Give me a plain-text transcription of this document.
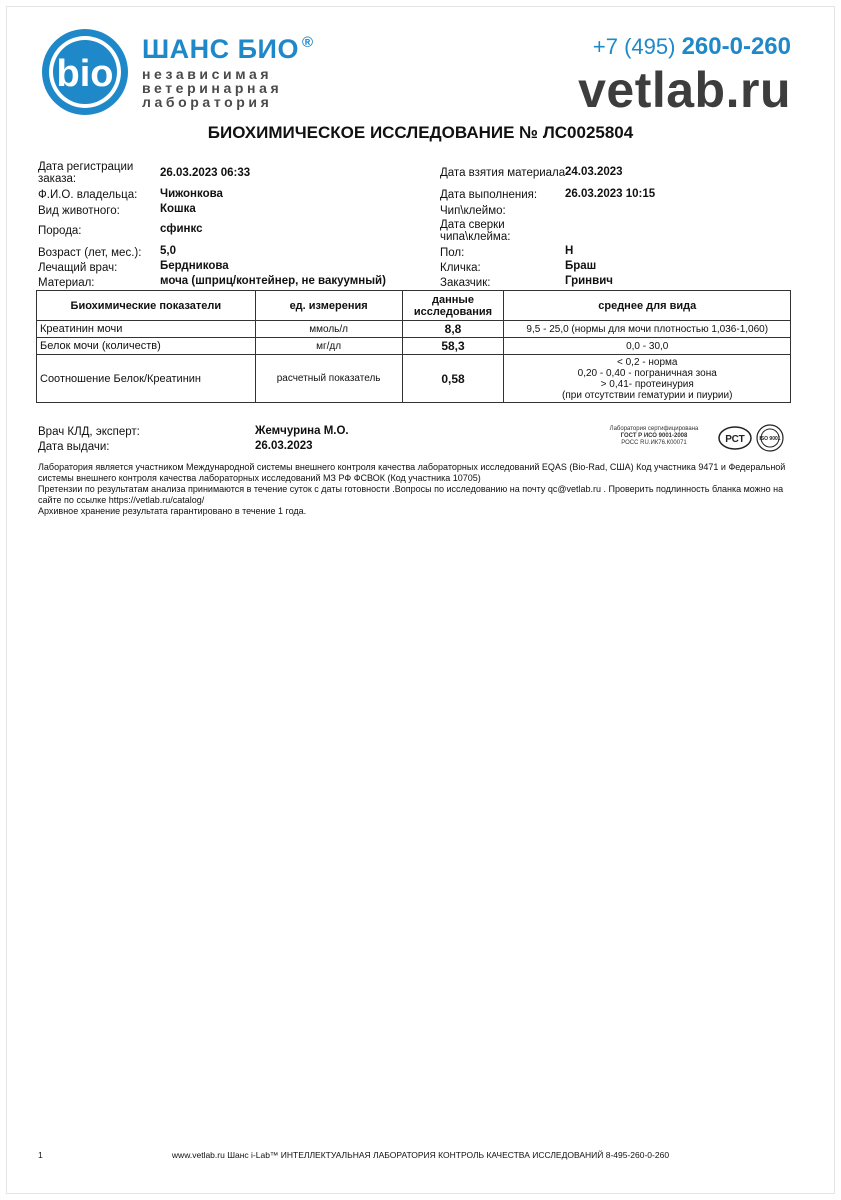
bio
ШАНС БИО ®
независимая
ветеринарная
лаборатория
+7 (495) 260-0-260
vetlab.ru
БИОХИМИЧЕСКОЕ ИССЛЕДОВАНИЕ № ЛС0025804
Дата регистрации заказа:	26.03.2023 06:33
Ф.И.О. владельца: Чижонкова
Вид животного:	Кошка
Порода:	сфинкс
Возраст (лет, мес.): 5,0
Лечащий врач:	Бердникова
Материал:	моча (шприц/контейнер, не вакуумный)
Дата взятия материала 24.03.2023
Дата выполнения: 26.03.2023 10:15
Чип\клеймо:
Дата сверки чипа\клейма:
Пол:	Н
Кличка:	Браш
Заказчик:	Гринвич
Биохимические показатели	ед. измерения	данные исследования	среднее для вида
Креатинин мочи	ммоль/л	8,8	9,5 - 25,0 (нормы для мочи плотностью 1,036-1,060)
Белок мочи (количеств)	мг/дл	58,3	0,0 - 30,0
Соотношение Белок/Креатинин	расчетный показатель	0,58	< 0,2 - норма
0,20 - 0,40 - пограничная зона
> 0,41- протеинурия
(при отсутствии гематурии и пиурии)
Врач КЛД, эксперт:	Жемчурина М.О.
Дата выдачи:	26.03.2023
Лаборатория сертифицирована
ГОСТ Р ИСО 9001-2008
РОСС RU.ИК76.К00071	РСТ	ISO 9001
Лаборатория является участником Международной системы внешнего контроля качества лабораторных исследований EQAS (Bio-Rad, США) Код участника 9471 и Федеральной системы внешнего контроля качества лабораторных исследований МЗ РФ ФСВОК (Код участника 10705)
Претензии по результатам анализа принимаются в течение суток с даты готовности .Вопросы по исследованию на почту qc@vetlab.ru . Проверить подлинность бланка можно на сайте по ссылке https://vetlab.ru/catalog/
Архивное хранение результата гарантировано в течение 1 года.
1	www.vetlab.ru Шанс i-Lab™ ИНТЕЛЛЕКТУАЛЬНАЯ ЛАБОРАТОРИЯ КОНТРОЛЬ КАЧЕСТВА ИССЛЕДОВАНИЙ 8-495-260-0-260
